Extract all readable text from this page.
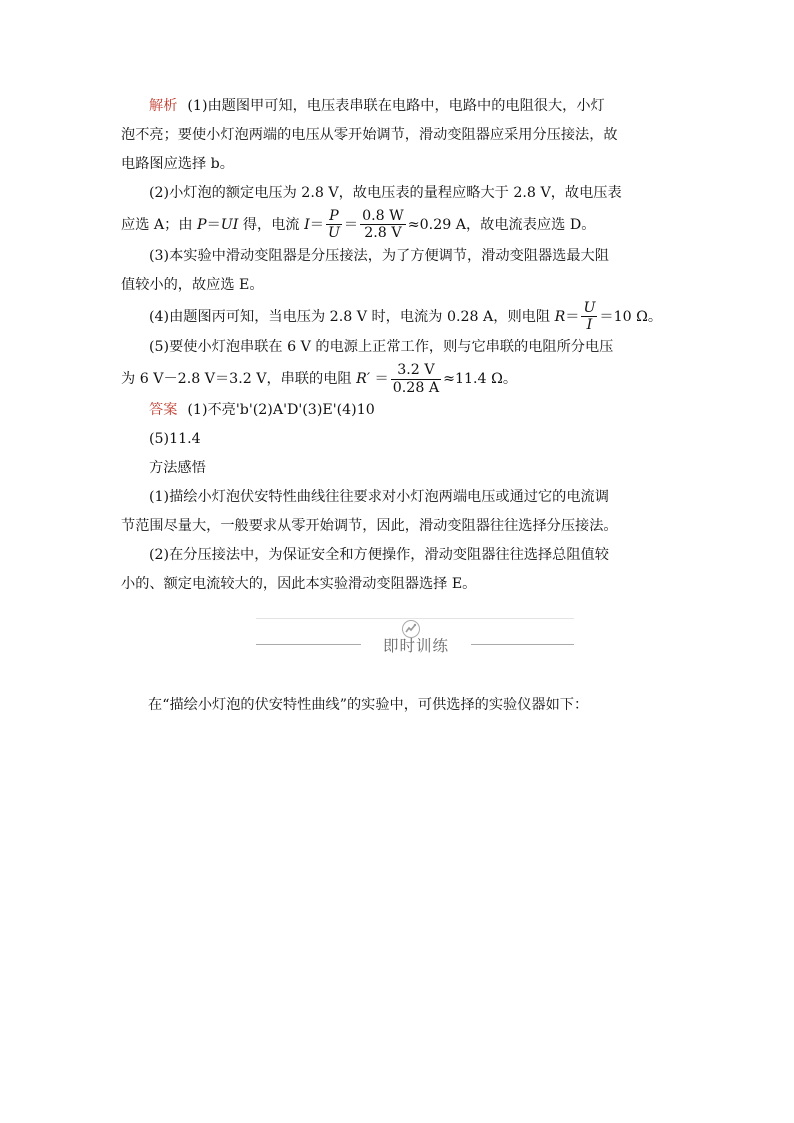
解析 (1)由题图甲可知，电压表串联在电路中，电路中的电阻很大，小灯

泡不亮；要使小灯泡两端的电压从零开始调节，滑动变阻器应采用分压接法，故

电路图应选择 b。

(2)小灯泡的额定电压为 2.8 V，故电压表的量程应略大于 2.8 V，故电压表

应选 A；由 P＝UI 得，电流 $I= \frac{P}{U} = \frac{0.8 W}{2.8 V} \approx 0.29$ A，故电流表应选 D。

(3)本实验中滑动变阻器是分压接法，为了方便调节，滑动变阻器选最大阻

值较小的，故应选 E。

(4)由题图丙可知，当电压为 2.8 V 时，电流为 0.28 A，则电阻 $R= \frac{U}{I} =10$ Ω。

(5)要使小灯泡串联在 6 V 的电源上正常工作，则与它串联的电阻所分电压

为 6 V－2.8 V＝3.2 V，串联的电阻 $R' = \frac{3.2 V}{0.28 A} \approx 11.4$ Ω。

答案 (1)不亮'b'(2)A'D'(3)E'(4)10

(5)11.4

方法感悟

(1)描绘小灯泡伏安特性曲线往往要求对小灯泡两端电压或通过它的电流调

节范围尽量大，一般要求从零开始调节，因此，滑动变阻器往往选择分压接法。

(2)在分压接法中，为保证安全和方便操作，滑动变阻器往往选择总阻值较

小的、额定电流较大的，因此本实验滑动变阻器选择 E。

即时训练

在“描绘小灯泡的伏安特性曲线”的实验中，可供选择的实验仪器如下：
